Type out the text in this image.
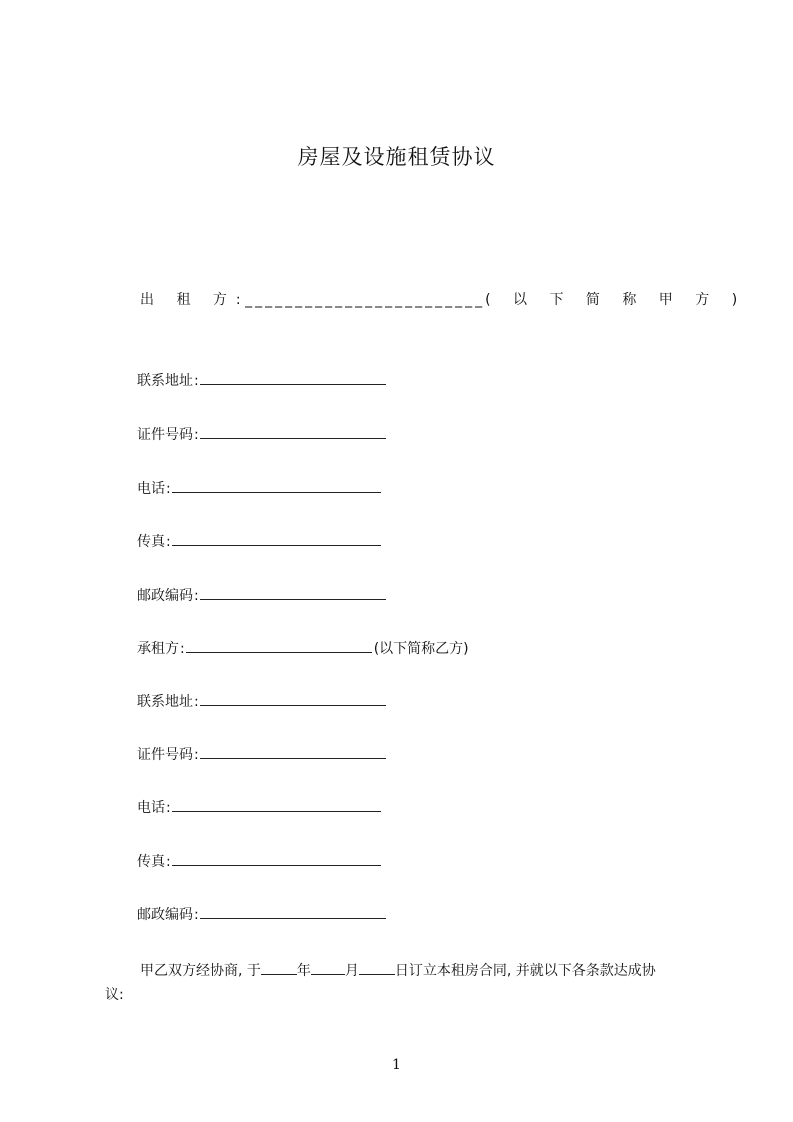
房屋及设施租赁协议
出 租 方: ________________________( 以 下 简 称 甲 方 )
联系地址:
证件号码:
电话:
传真:
邮政编码:
承租方:	(以下简称乙方)
联系地址:
证件号码:
电话:
传真:
邮政编码:
甲乙双方经协商, 于	年 月	日订立本租房合同, 并就以下各条款达成协
议:
1
